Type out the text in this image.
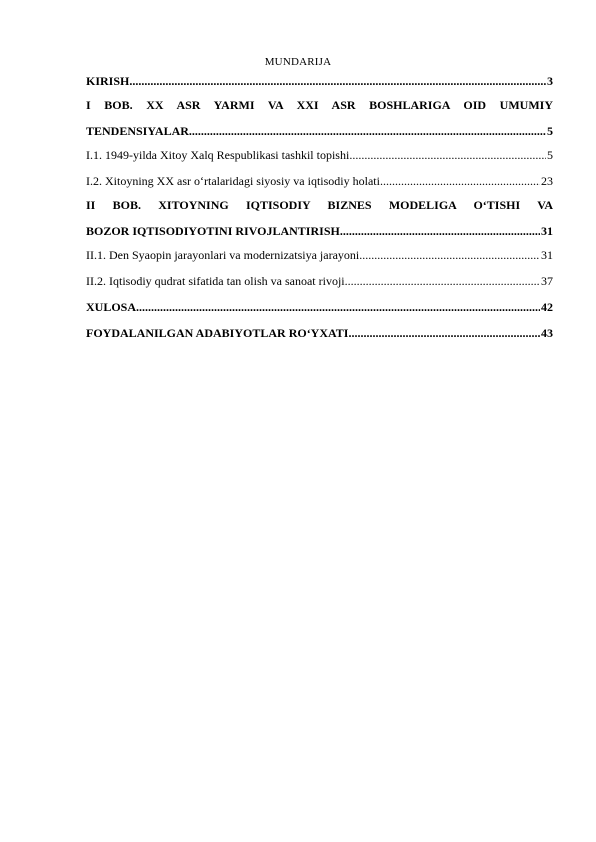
MUNDARIJA
KIRISH .....	3
I BOB. XX ASR YARMI VA XXI ASR BOSHLARIGA OID UMUMIY
TENDENSIYALAR .....	5
I.1. 1949-yilda Xitoy Xalq Respublikasi tashkil topishi .....	5
I.2. Xitoyning XX asr o‘rtalaridagi siyosiy va iqtisodiy holati .....	23
II BOB. XITOYNING IQTISODIY BIZNES MODELIGA O‘TISHI VA
BOZOR IQTISODIYOTINI RIVOJLANTIRISH .....	31
II.1. Den Syaopin jarayonlari va modernizatsiya jarayoni .....	31
II.2. Iqtisodiy qudrat sifatida tan olish va sanoat rivoji .....	37
XULOSA .....	42
FOYDALANILGAN ADABIYOTLAR RO‘YXATI .....	43
